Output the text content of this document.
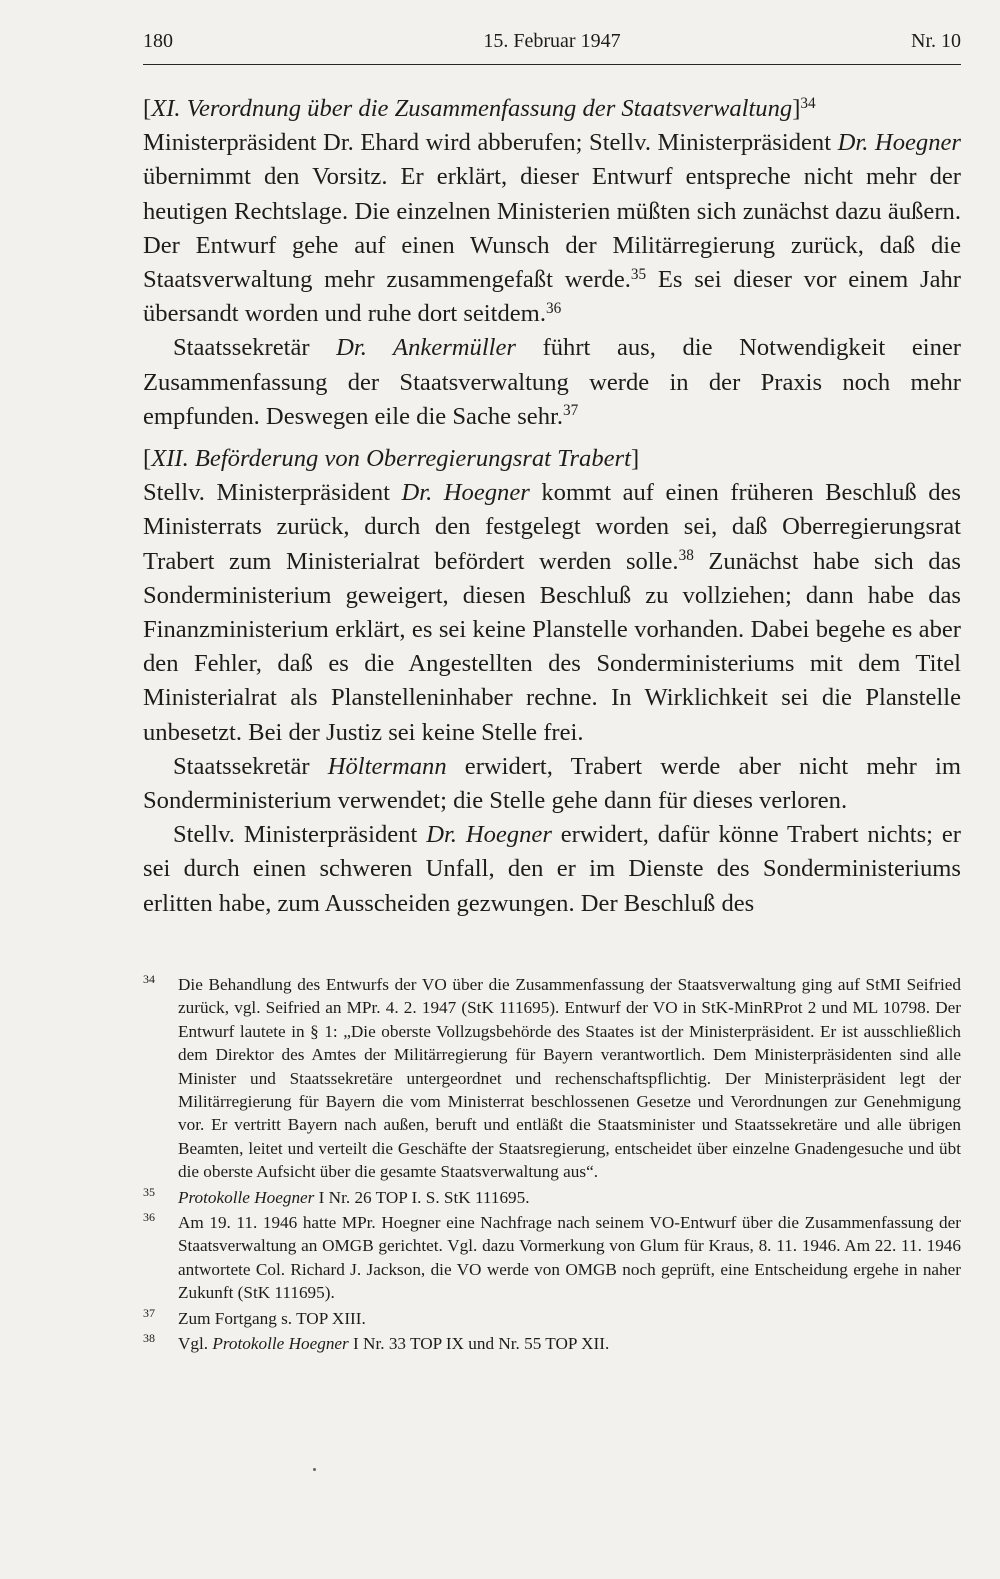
180	15. Februar 1947	Nr. 10

[XI. Verordnung über die Zusammenfassung der Staatsverwaltung]$^{34}$

Ministerpräsident Dr. Ehard wird abberufen; Stellv. Ministerpräsident Dr. Hoegner übernimmt den Vorsitz. Er erklärt, dieser Entwurf entspreche nicht mehr der heutigen Rechtslage. Die einzelnen Ministerien müßten sich zunächst dazu äußern. Der Entwurf gehe auf einen Wunsch der Militärregierung zurück, daß die Staatsverwaltung mehr zusammengefaßt werde.$^{35}$ Es sei dieser vor einem Jahr übersandt worden und ruhe dort seitdem.$^{36}$

Staatssekretär Dr. Ankermüller führt aus, die Notwendigkeit einer Zusammenfassung der Staatsverwaltung werde in der Praxis noch mehr empfunden. Deswegen eile die Sache sehr.$^{37}$

[XII. Beförderung von Oberregierungsrat Trabert]

Stellv. Ministerpräsident Dr. Hoegner kommt auf einen früheren Beschluß des Ministerrats zurück, durch den festgelegt worden sei, daß Oberregierungsrat Trabert zum Ministerialrat befördert werden solle.$^{38}$ Zunächst habe sich das Sonderministerium geweigert, diesen Beschluß zu vollziehen; dann habe das Finanzministerium erklärt, es sei keine Planstelle vorhanden. Dabei begehe es aber den Fehler, daß es die Angestellten des Sonderministeriums mit dem Titel Ministerialrat als Planstelleninhaber rechne. In Wirklichkeit sei die Planstelle unbesetzt. Bei der Justiz sei keine Stelle frei.

Staatssekretär Höltermann erwidert, Trabert werde aber nicht mehr im Sonderministerium verwendet; die Stelle gehe dann für dieses verloren.

Stellv. Ministerpräsident Dr. Hoegner erwidert, dafür könne Trabert nichts; er sei durch einen schweren Unfall, den er im Dienste des Sonderministeriums erlitten habe, zum Ausscheiden gezwungen. Der Beschluß des

34 Die Behandlung des Entwurfs der VO über die Zusammenfassung der Staatsverwaltung ging auf StMI Seifried zurück, vgl. Seifried an MPr. 4. 2. 1947 (StK 111695). Entwurf der VO in StK-MinRProt 2 und ML 10798. Der Entwurf lautete in § 1: „Die oberste Vollzugsbehörde des Staates ist der Ministerpräsident. Er ist ausschließlich dem Direktor des Amtes der Militärregierung für Bayern verantwortlich. Dem Ministerpräsidenten sind alle Minister und Staatssekretäre untergeordnet und rechenschaftspflichtig. Der Ministerpräsident legt der Militärregierung für Bayern die vom Ministerrat beschlossenen Gesetze und Verordnungen zur Genehmigung vor. Er vertritt Bayern nach außen, beruft und entläßt die Staatsminister und Staatssekretäre und alle übrigen Beamten, leitet und verteilt die Geschäfte der Staatsregierung, entscheidet über einzelne Gnadengesuche und übt die oberste Aufsicht über die gesamte Staatsverwaltung aus“.
35 Protokolle Hoegner I Nr. 26 TOP I. S. StK 111695.
36 Am 19. 11. 1946 hatte MPr. Hoegner eine Nachfrage nach seinem VO-Entwurf über die Zusammenfassung der Staatsverwaltung an OMGB gerichtet. Vgl. dazu Vormerkung von Glum für Kraus, 8. 11. 1946. Am 22. 11. 1946 antwortete Col. Richard J. Jackson, die VO werde von OMGB noch geprüft, eine Entscheidung ergehe in naher Zukunft (StK 111695).
37 Zum Fortgang s. TOP XIII.
38 Vgl. Protokolle Hoegner I Nr. 33 TOP IX und Nr. 55 TOP XII.
